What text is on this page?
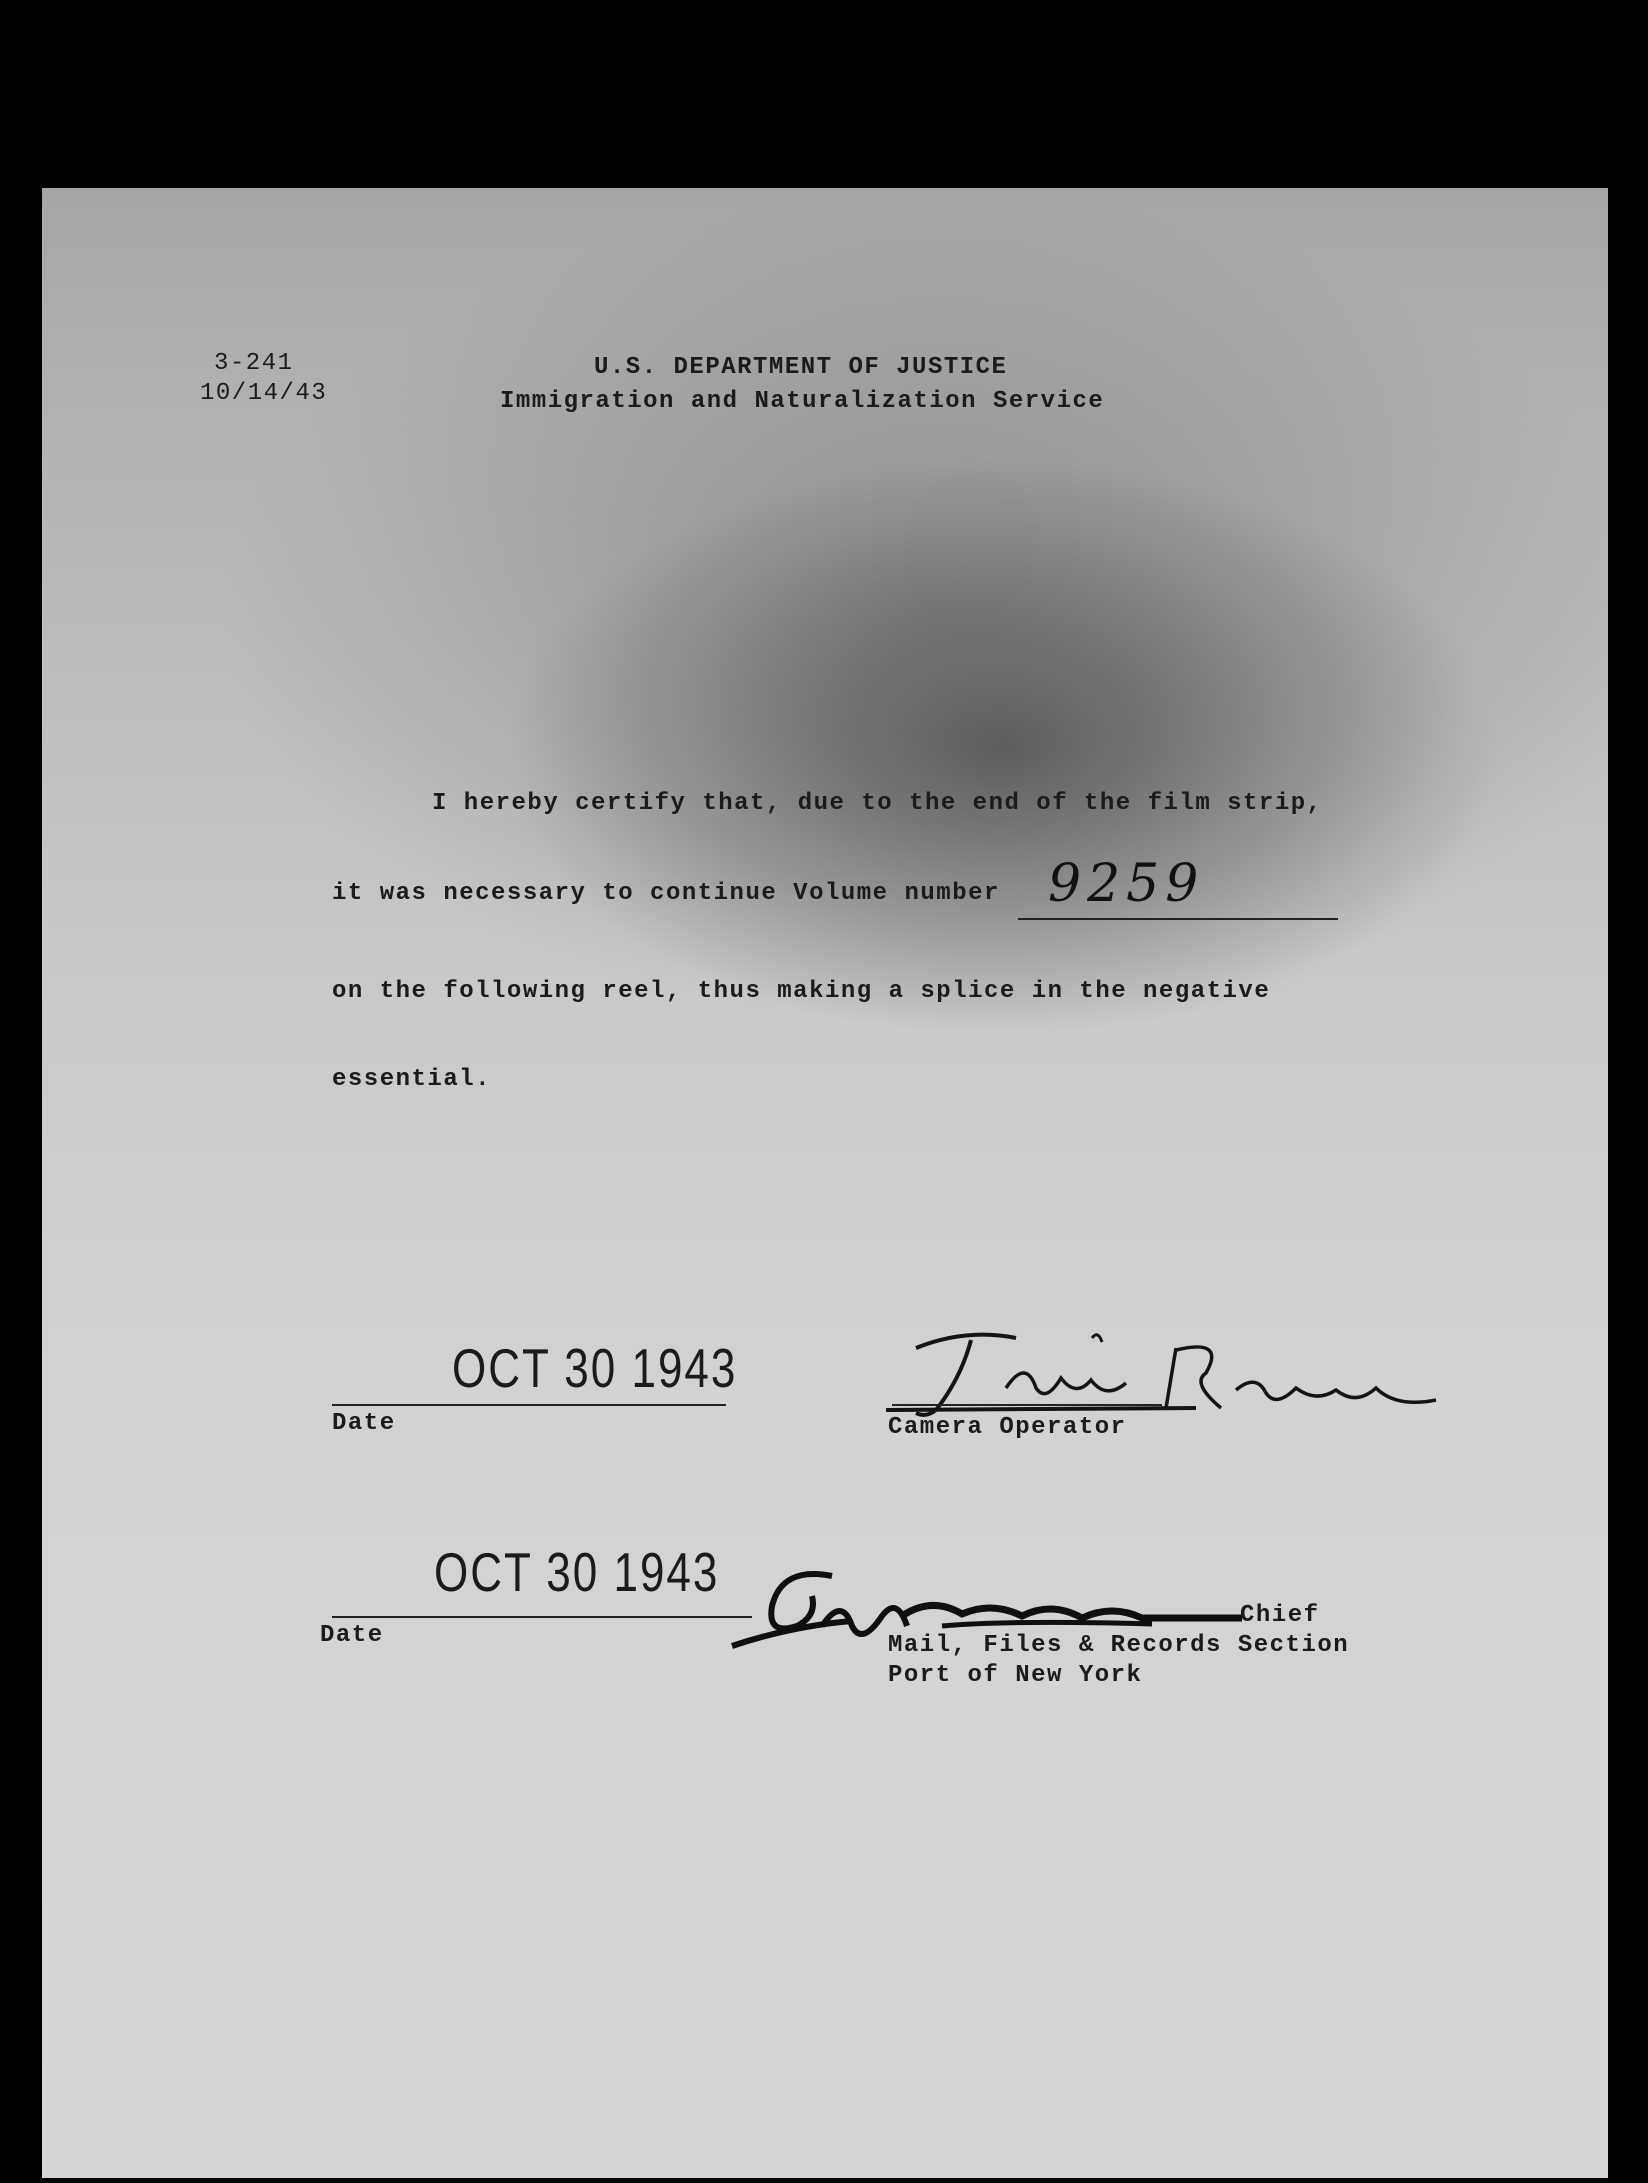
3-241
10/14/43
U.S. DEPARTMENT OF JUSTICE
Immigration and Naturalization Service
I hereby certify that, due to the end of the film strip,
it was necessary to continue Volume number 9259
on the following reel, thus making a splice in the negative
essential.
OCT 30 1943
Date	Camera Operator
OCT 30 1943
Date
Chief
Mail, Files & Records Section
Port of New York
